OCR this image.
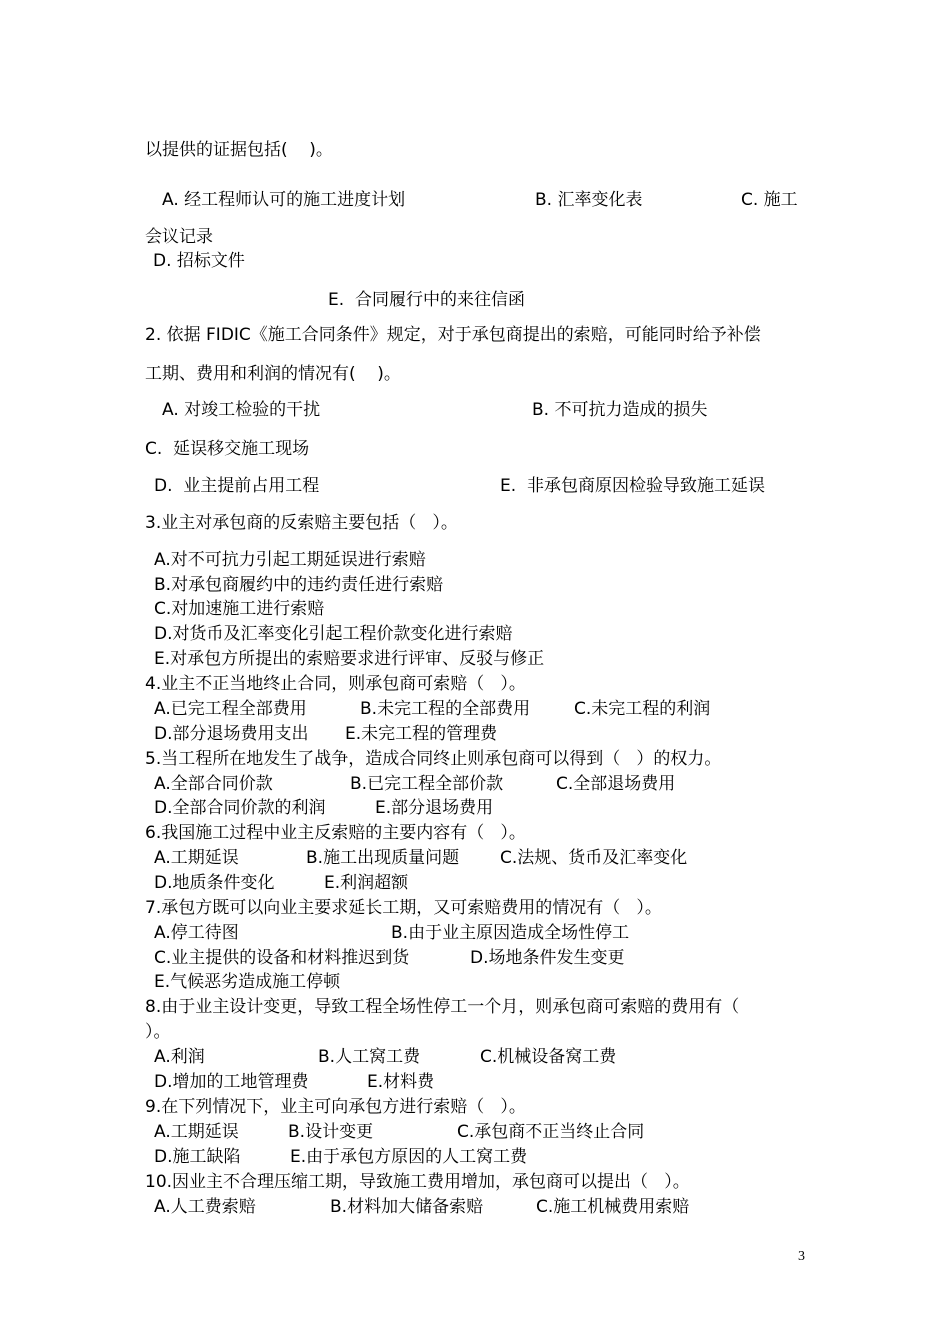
以提供的证据包括(    )。
A. 经工程师认可的施工进度计划	B. 汇率变化表	C. 施工
会议记录
D. 招标文件
E.  合同履行中的来往信函
2. 依据 FIDIC《施工合同条件》规定，对于承包商提出的索赔，可能同时给予补偿
工期、费用和利润的情况有(    )。
A. 对竣工检验的干扰	B. 不可抗力造成的损失
C.  延误移交施工现场
D.  业主提前占用工程	E.  非承包商原因检验导致施工延误
3.业主对承包商的反索赔主要包括（   ）。
A.对不可抗力引起工期延误进行索赔
B.对承包商履约中的违约责任进行索赔
C.对加速施工进行索赔
D.对货币及汇率变化引起工程价款变化进行索赔
E.对承包方所提出的索赔要求进行评审、反驳与修正
4.业主不正当地终止合同，则承包商可索赔（   ）。
A.已完工程全部费用	B.未完工程的全部费用	C.未完工程的利润
D.部分退场费用支出 E.未完工程的管理费
5.当工程所在地发生了战争，造成合同终止则承包商可以得到（   ）的权力。
A.全部合同价款	B.已完工程全部价款	C.全部退场费用
D.全部合同价款的利润	E.部分退场费用
6.我国施工过程中业主反索赔的主要内容有（   ）。
A.工期延误	B.施工出现质量问题 C.法规、货币及汇率变化
D.地质条件变化	E.利润超额
7.承包方既可以向业主要求延长工期，又可索赔费用的情况有（   ）。
A.停工待图	B.由于业主原因造成全场性停工
C.业主提供的设备和材料推迟到货	D.场地条件发生变更
E.气候恶劣造成施工停顿
8.由于业主设计变更，导致工程全场性停工一个月，则承包商可索赔的费用有（
）。
A.利润	B.人工窝工费	C.机械设备窝工费
D.增加的工地管理费	E.材料费
9.在下列情况下，业主可向承包方进行索赔（   ）。
A.工期延误	B.设计变更	C.承包商不正当终止合同
D.施工缺陷	E.由于承包方原因的人工窝工费
10.因业主不合理压缩工期，导致施工费用增加，承包商可以提出（   ）。
A.人工费索赔	B.材料加大储备索赔	C.施工机械费用索赔
3
